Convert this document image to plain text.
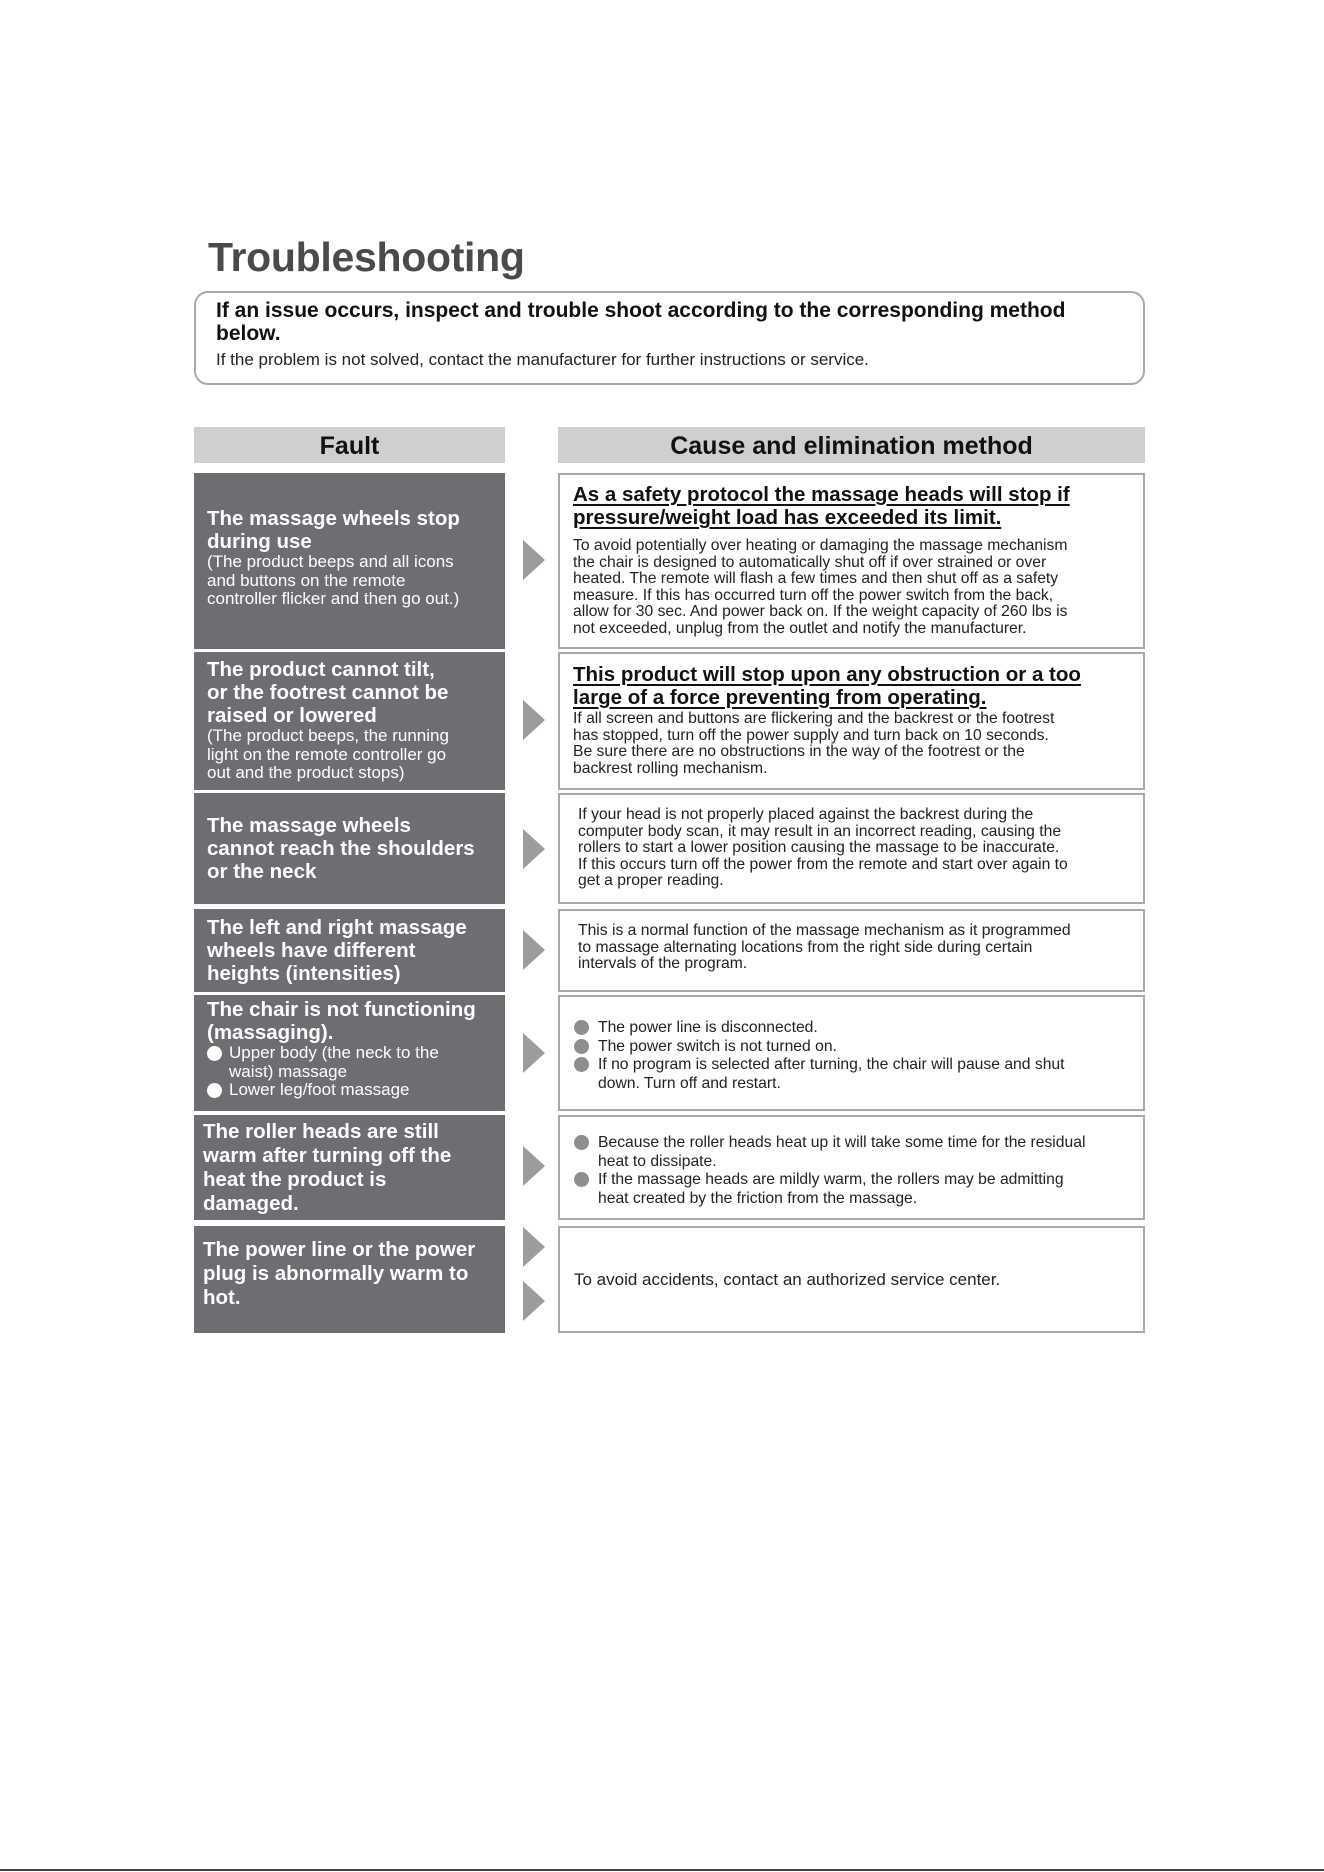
Troubleshooting
If an issue occurs, inspect and trouble shoot according to the corresponding method below.
If the problem is not solved, contact the manufacturer for further instructions or service.
Fault	Cause and elimination method
The massage wheels stop
during use
(The product beeps and all icons
and buttons on the remote
controller flicker and then go out.)
As a safety protocol the massage heads will stop if
pressure/weight load has exceeded its limit.
To avoid potentially over heating or damaging the massage mechanism
the chair is designed to automatically shut off if over strained or over
heated. The remote will flash a few times and then shut off as a safety
measure. If this has occurred turn off the power switch from the back,
allow for 30 sec. And power back on. If the weight capacity of 260 lbs is
not exceeded, unplug from the outlet and notify the manufacturer.
The product cannot tilt,
or the footrest cannot be
raised or lowered
(The product beeps, the running
light on the remote controller go
out and the product stops)
This product will stop upon any obstruction or a too
large of a force preventing from operating.
If all screen and buttons are flickering and the backrest or the footrest
has stopped, turn off the power supply and turn back on 10 seconds.
Be sure there are no obstructions in the way of the footrest or the
backrest rolling mechanism.
The massage wheels
cannot reach the shoulders
or the neck
If your head is not properly placed against the backrest during the
computer body scan, it may result in an incorrect reading, causing the
rollers to start a lower position causing the massage to be inaccurate.
If this occurs turn off the power from the remote and start over again to
get a proper reading.
The left and right massage
wheels have different
heights (intensities)
This is a normal function of the massage mechanism as it programmed
to massage alternating locations from the right side during certain
intervals of the program.
The chair is not functioning
(massaging).
Upper body (the neck to the
waist) massage
Lower leg/foot massage
The power line is disconnected.
The power switch is not turned on.
If no program is selected after turning, the chair will pause and shut
down. Turn off and restart.
The roller heads are still
warm after turning off the
heat the product is
damaged.
Because the roller heads heat up it will take some time for the residual
heat to dissipate.
If the massage heads are mildly warm, the rollers may be admitting
heat created by the friction from the massage.
The power line or the power
plug is abnormally warm to
hot.
To avoid accidents, contact an authorized service center.
